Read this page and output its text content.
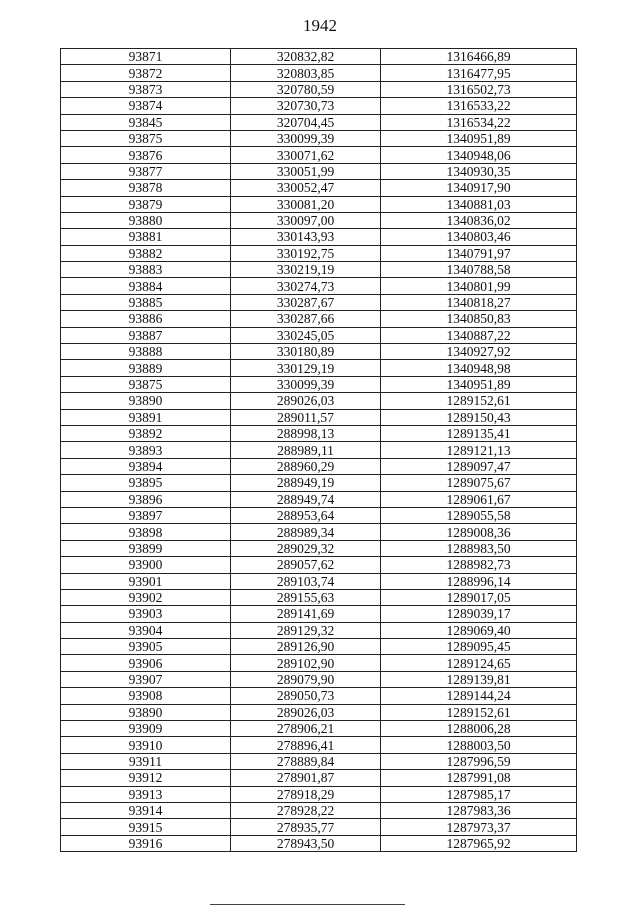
1942
93871	320832,82	1316466,89
93872	320803,85	1316477,95
93873	320780,59	1316502,73
93874	320730,73	1316533,22
93845	320704,45	1316534,22
93875	330099,39	1340951,89
93876	330071,62	1340948,06
93877	330051,99	1340930,35
93878	330052,47	1340917,90
93879	330081,20	1340881,03
93880	330097,00	1340836,02
93881	330143,93	1340803,46
93882	330192,75	1340791,97
93883	330219,19	1340788,58
93884	330274,73	1340801,99
93885	330287,67	1340818,27
93886	330287,66	1340850,83
93887	330245,05	1340887,22
93888	330180,89	1340927,92
93889	330129,19	1340948,98
93875	330099,39	1340951,89
93890	289026,03	1289152,61
93891	289011,57	1289150,43
93892	288998,13	1289135,41
93893	288989,11	1289121,13
93894	288960,29	1289097,47
93895	288949,19	1289075,67
93896	288949,74	1289061,67
93897	288953,64	1289055,58
93898	288989,34	1289008,36
93899	289029,32	1288983,50
93900	289057,62	1288982,73
93901	289103,74	1288996,14
93902	289155,63	1289017,05
93903	289141,69	1289039,17
93904	289129,32	1289069,40
93905	289126,90	1289095,45
93906	289102,90	1289124,65
93907	289079,90	1289139,81
93908	289050,73	1289144,24
93890	289026,03	1289152,61
93909	278906,21	1288006,28
93910	278896,41	1288003,50
93911	278889,84	1287996,59
93912	278901,87	1287991,08
93913	278918,29	1287985,17
93914	278928,22	1287983,36
93915	278935,77	1287973,37
93916	278943,50	1287965,92
